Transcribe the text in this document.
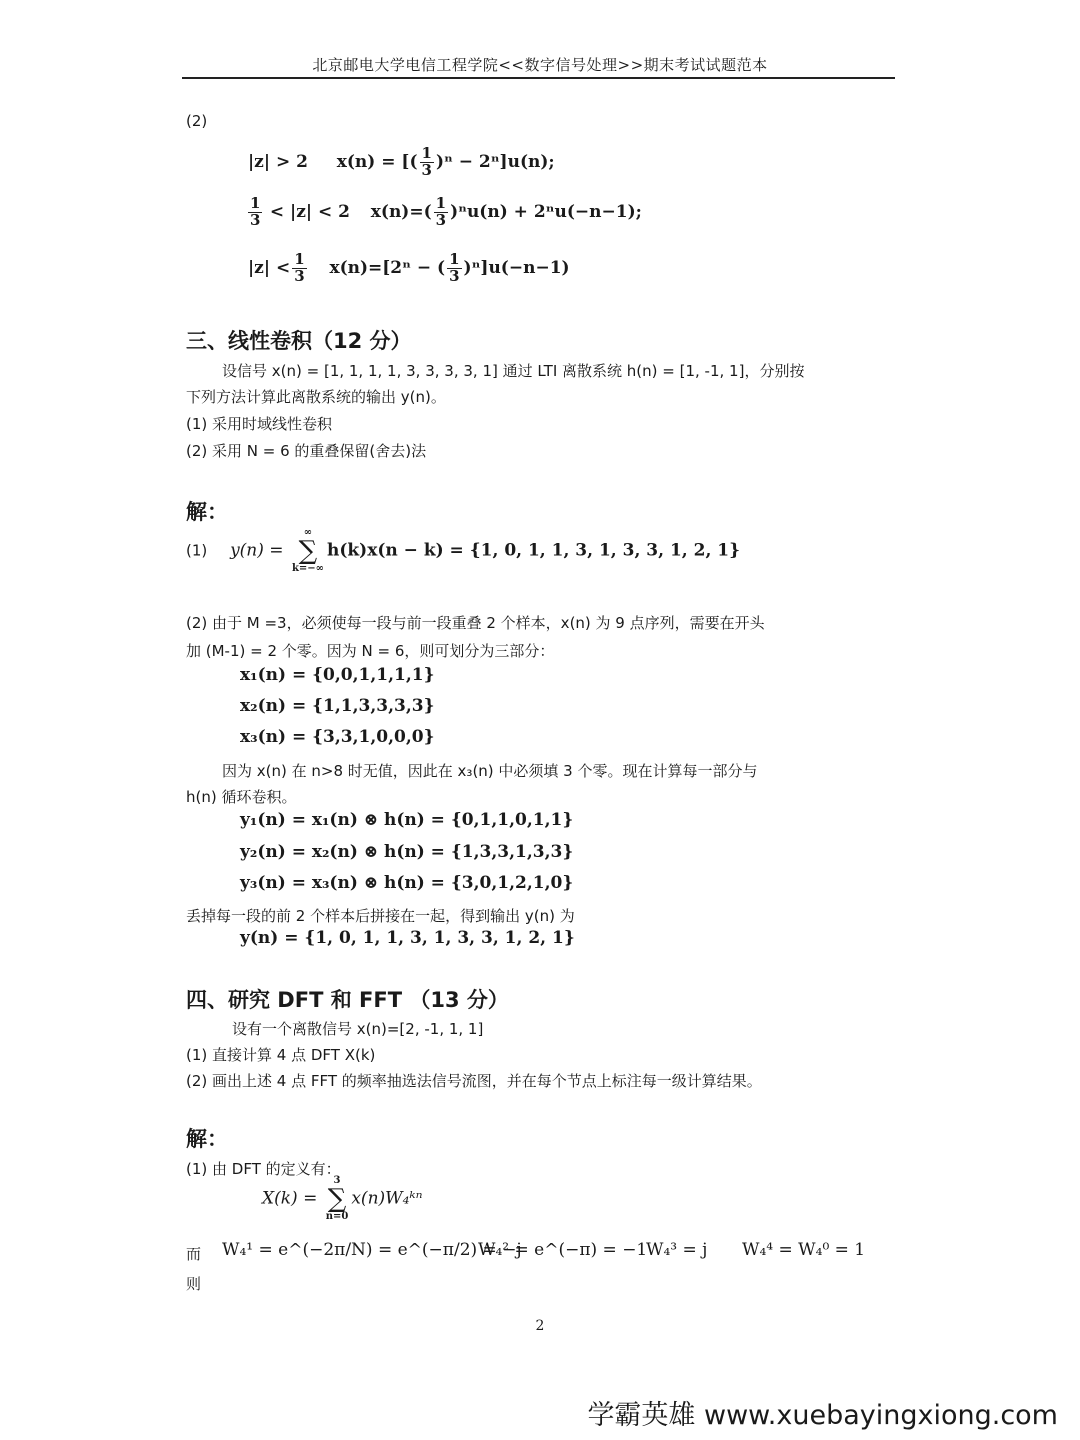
北京邮电大学电信工程学院<<数字信号处理>>期末考试试题范本
(2)
|z| > 2 x(n) = [( $\frac{1}{3} )^n - 2^n]u(n)$;
$\frac{1}{3} < |z| < 2$ $x(n)=( \frac{1}{3} )^nu(n) + 2^nu(-n-1)$;
$|z| < \frac{1}{3} x(n)=[2^n$ − ( $\frac{1}{3} )^n]u(-n-1)$
三、线性卷积（12 分）
设信号 x(n) = [1, 1, 1, 1, 3, 3, 3, 3, 1] 通过 LTI 离散系统 h(n) = [1, -1, 1]，分别按
下列方法计算此离散系统的输出 y(n)。
(1) 采用时域线性卷积
(2) 采用 N = 6 的重叠保留(舍去)法
解：
(1) y(n) =
∞
∑
k=−∞
h(k)x(n − k) = {1, 0, 1, 1, 3, 1, 3, 3, 1, 2, 1}
(2) 由于 M =3，必须使每一段与前一段重叠 2 个样本，x(n) 为 9 点序列，需要在开头
加 (M-1) = 2 个零。因为 N = 6，则可划分为三部分：
x₁(n) = {0,0,1,1,1,1}
x₂(n) = {1,1,3,3,3,3}
x₃(n) = {3,3,1,0,0,0}
因为 x(n) 在 n>8 时无值，因此在 x₃(n) 中必须填 3 个零。现在计算每一部分与
h(n) 循环卷积。
y₁(n) = x₁(n) ⊗ h(n) = {0,1,1,0,1,1}
y₂(n) = x₂(n) ⊗ h(n) = {1,3,3,1,3,3}
y₃(n) = x₃(n) ⊗ h(n) = {3,0,1,2,1,0}
丢掉每一段的前 2 个样本后拼接在一起，得到输出 y(n) 为
y(n) = {1, 0, 1, 1, 3, 1, 3, 3, 1, 2, 1}
四、研究 DFT 和 FFT （13 分）
设有一个离散信号 x(n)=[2, -1, 1, 1]
(1) 直接计算 4 点 DFT X(k)
(2) 画出上述 4 点 FFT 的频率抽选法信号流图，并在每个节点上标注每一级计算结果。
解：
(1) 由 DFT 的定义有：
X(k) =
3
∑
n=0
x(n)W₄ᵏⁿ
而 W₄¹ = e^(−2π/N) = e^(−π/2) = −j
W₄² = e^(−π) = −1
W₄³ = j W₄⁴ = W₄⁰ = 1
则
2
学霸英雄 www.xuebayingxiong.com
